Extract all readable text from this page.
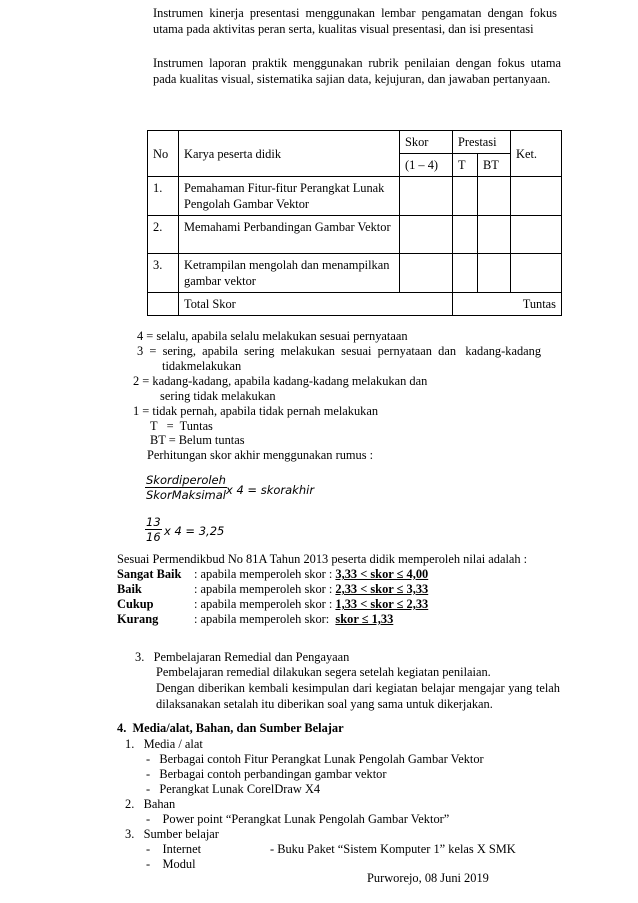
Instrumen kinerja presentasi menggunakan lembar pengamatan dengan fokus utama pada aktivitas peran serta, kualitas visual presentasi, dan isi presentasi

Instrumen laporan praktik menggunakan rubrik penilaian dengan fokus utama pada kualitas visual, sistematika sajian data, kejujuran, dan jawaban pertanyaan.

No	Karya peserta didik	Skor	Prestasi		Ket.
		(1 – 4)	T	BT	
1.	Pemahaman Fitur-fitur Perangkat Lunak Pengolah Gambar Vektor				
2.	Memahami Perbandingan Gambar Vektor				
3.	Ketrampilan mengolah dan menampilkan gambar vektor				
	Total Skor		Tuntas		
4 = selalu, apabila selalu melakukan sesuai pernyataan
3  =  sering,  apabila  sering  melakukan  sesuai  pernyataan  dan   kadang-kadang
tidakmelakukan
2 = kadang-kadang, apabila kadang-kadang melakukan dan
sering tidak melakukan
1 = tidak pernah, apabila tidak pernah melakukan
T   =  Tuntas
BT = Belum tuntas
Perhitungan skor akhir menggunakan rumus :
Skordiperoleh
SkorMaksimal x 4 = skorakhir
$\frac{13}{16}$ x 4 = 3,25
Sesuai Permendikbud No 81A Tahun 2013 peserta didik memperoleh nilai adalah :
Sangat Baik : apabila memperoleh skor : 3,33 < skor ≤ 4,00
Baik	: apabila memperoleh skor : 2,33 < skor ≤ 3,33
Cukup	: apabila memperoleh skor : 1,33 < skor ≤ 2,33
Kurang	: apabila memperoleh skor:  skor ≤ 1,33
3.   Pembelajaran Remedial dan Pengayaan
Pembelajaran remedial dilakukan segera setelah kegiatan penilaian.

Dengan diberikan kembali kesimpulan dari kegiatan belajar mengajar yang telah dilaksanakan setalah itu diberikan soal yang sama untuk dikerjakan.

4.  Media/alat, Bahan, dan Sumber Belajar
1.   Media / alat
-   Berbagai contoh Fitur Perangkat Lunak Pengolah Gambar Vektor
-   Berbagai contoh perbandingan gambar vektor
-   Perangkat Lunak CorelDraw X4
2.   Bahan
-    Power point “Perangkat Lunak Pengolah Gambar Vektor”
3.   Sumber belajar
-    Internet	- Buku Paket “Sistem Komputer 1” kelas X SMK
-    Modul
Purworejo, 08 Juni 2019
